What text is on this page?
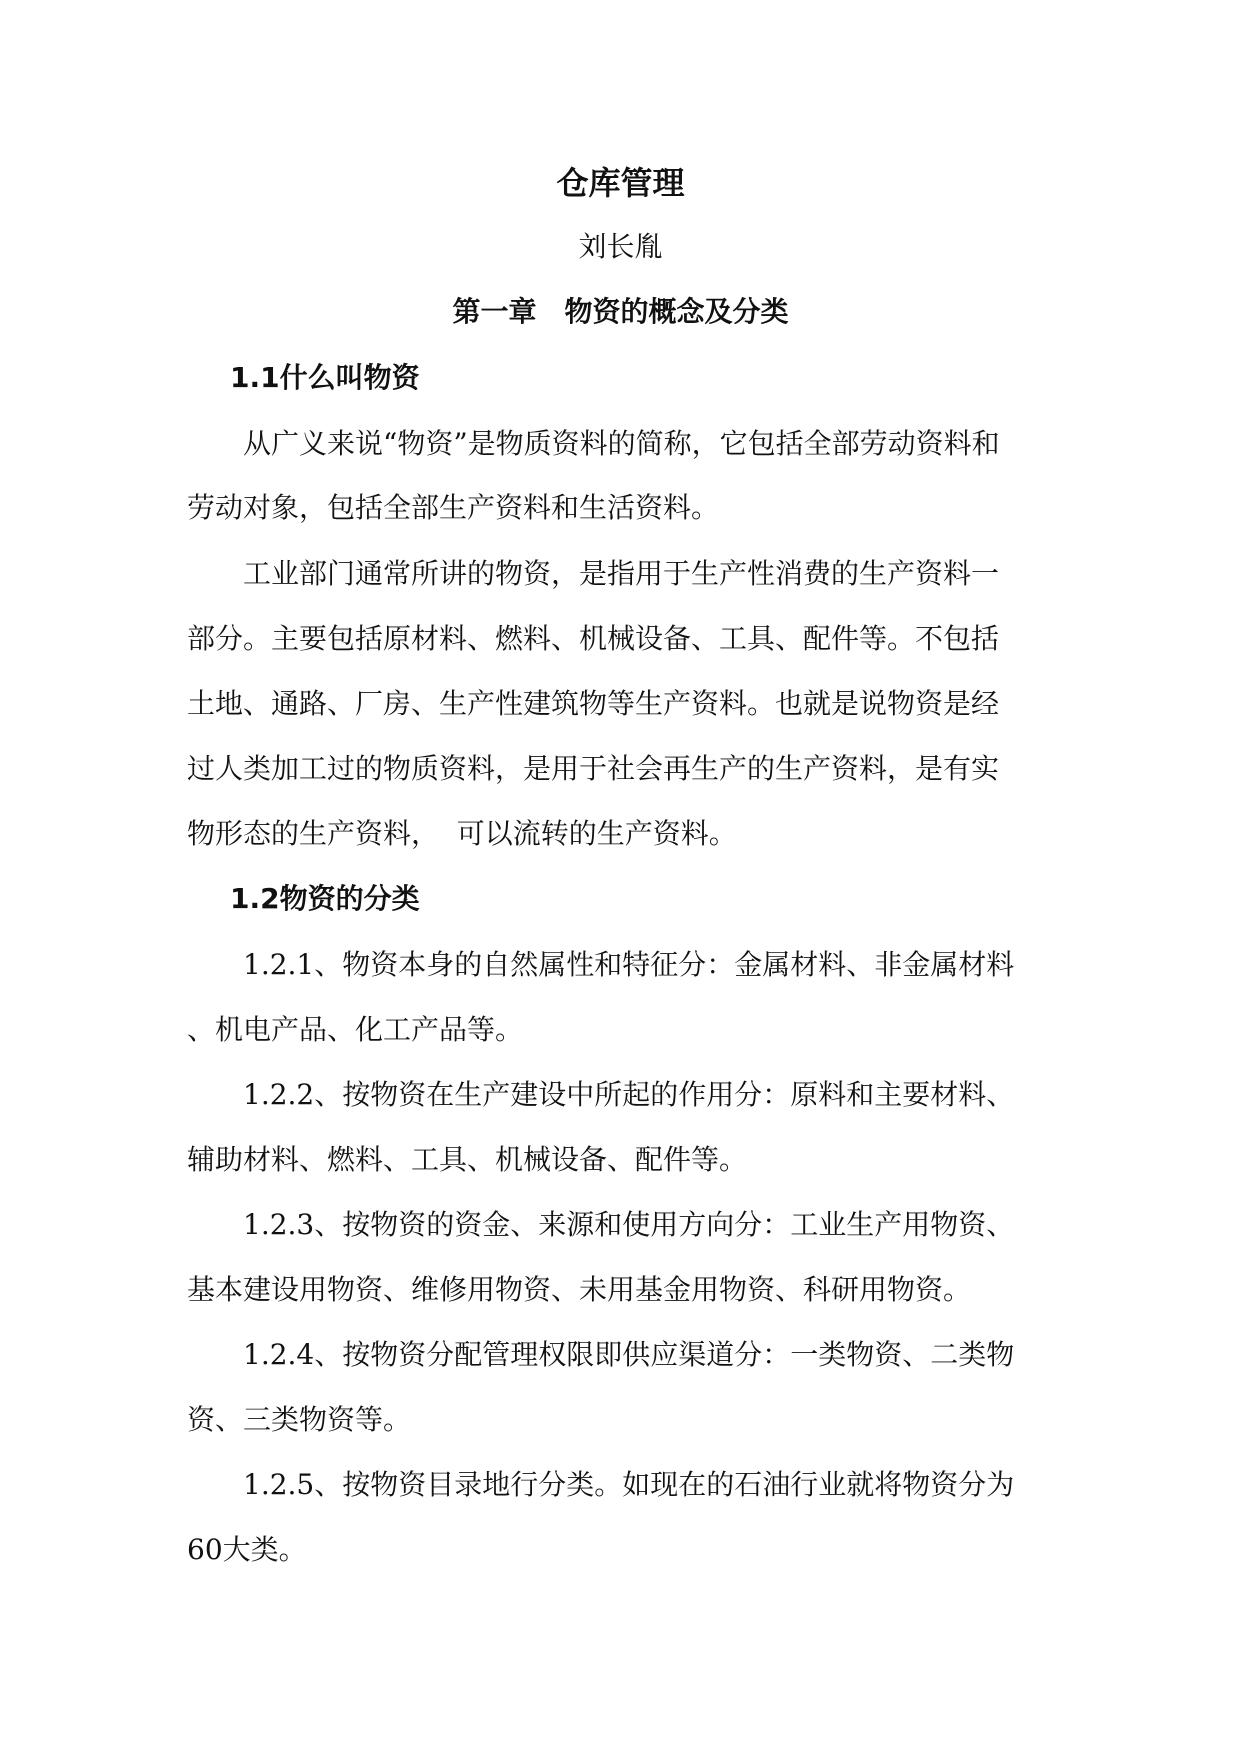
仓库管理
刘长胤
第一章　物资的概念及分类
1.1什么叫物资
从广义来说“物资”是物质资料的简称，它包括全部劳动资料和
劳动对象，包括全部生产资料和生活资料。
工业部门通常所讲的物资，是指用于生产性消费的生产资料一
部分。主要包括原材料、燃料、机械设备、工具、配件等。不包括
土地、通路、厂房、生产性建筑物等生产资料。也就是说物资是经
过人类加工过的物质资料，是用于社会再生产的生产资料，是有实
物形态的生产资料，  可以流转的生产资料。
1.2物资的分类
1.2.1、物资本身的自然属性和特征分：金属材料、非金属材料
、机电产品、化工产品等。
1.2.2、按物资在生产建设中所起的作用分：原料和主要材料、
辅助材料、燃料、工具、机械设备、配件等。
1.2.3、按物资的资金、来源和使用方向分：工业生产用物资、
基本建设用物资、维修用物资、未用基金用物资、科研用物资。
1.2.4、按物资分配管理权限即供应渠道分：一类物资、二类物
资、三类物资等。
1.2.5、按物资目录地行分类。如现在的石油行业就将物资分为
60大类。
